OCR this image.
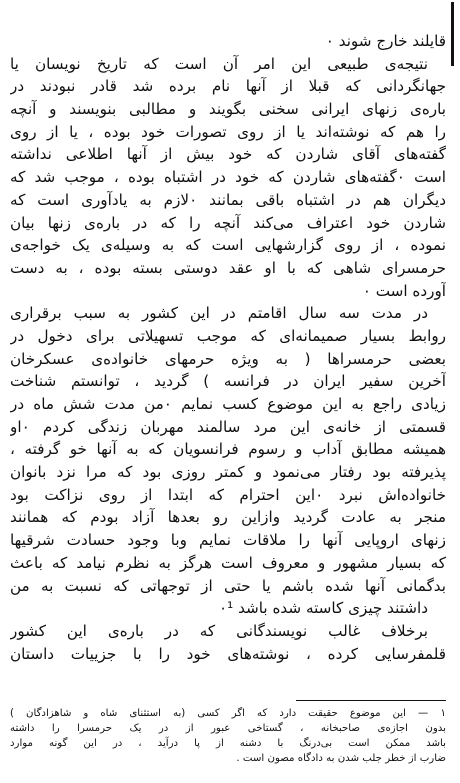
قایلند خارج شوند ۰
نتیجه‌ی طبیعی این امر آن است که تاریخ نویسان یا
جهانگردانی که قبلا از آنها نام برده شد قادر نبودند در
باره‌ی زنهای ایرانی سخنی بگویند و مطالبی بنویسند و آنچه
را هم که نوشته‌اند یا از روی تصورات خود بوده ، یا از روی
گفته‌های آقای شاردن که خود بیش از آنها اطلاعی نداشته
است ۰گفته‌های شاردن که خود در اشتباه بوده ، موجب شد که
دیگران هم در اشتباه باقی بمانند ۰لازم به یادآوری است که
شاردن خود اعتراف می‌کند آنچه را که در باره‌ی زنها بیان
نموده ، از روی گزارشهایی است که به وسیله‌ی یک خواجه‌ی
حرمسرای شاهی که با او عقد دوستی بسته بوده ، به دست
آورده است ۰
در مدت سه سال اقامتم در این کشور به سبب برقراری
روابط بسیار صمیمانه‌ای که موجب تسهیلاتی برای دخول در
بعضی حرمسراها ( به ویژه حرمهای خانواده‌ی عسکرخان
آخرین سفیر ایران در فرانسه ) گردید ، توانستم شناخت
زیادی راجع به این موضوع کسب نمایم ۰من مدت شش ماه در
قسمتی از خانه‌ی این مرد سالمند مهربان زندگی کردم ۰او
همیشه مطابق آداب و رسوم فرانسویان که به آنها خو گرفته ،
پذیرفته بود رفتار می‌نمود و کمتر روزی بود که مرا نزد بانوان
خانواده‌اش نبرد ۰این احترام که ابتدا از روی نزاکت بود
منجر به عادت گردید وازاین رو بعدها آزاد بودم که همانند
زنهای اروپایی آنها را ملاقات نمایم وبا وجود حسادت شرقیها
که بسیار مشهور و معروف است هرگز به نظرم نیامد که باعث
بدگمانی آنها شده باشم یا حتی از توجهاتی که نسبت به من
داشتند چیزی کاسته شده باشد ۰¹
برخلاف غالب نویسندگانی که در باره‌ی این کشور
قلمفرسایی کرده ، نوشته‌های خود را با جزییات داستان
۱ — این موضوع حقیقت دارد که اگر کسی (به استثنای شاه و شاهزادگان )
بدون اجازه‌ی صاحبخانه ، گستاخی عبور از در یک حرمسرا را داشته
باشد ممکن است بی‌درنگ با دشنه از پا درآید ، در این گونه موارد
ضارب از خطر جلب شدن به دادگاه مصون است .
